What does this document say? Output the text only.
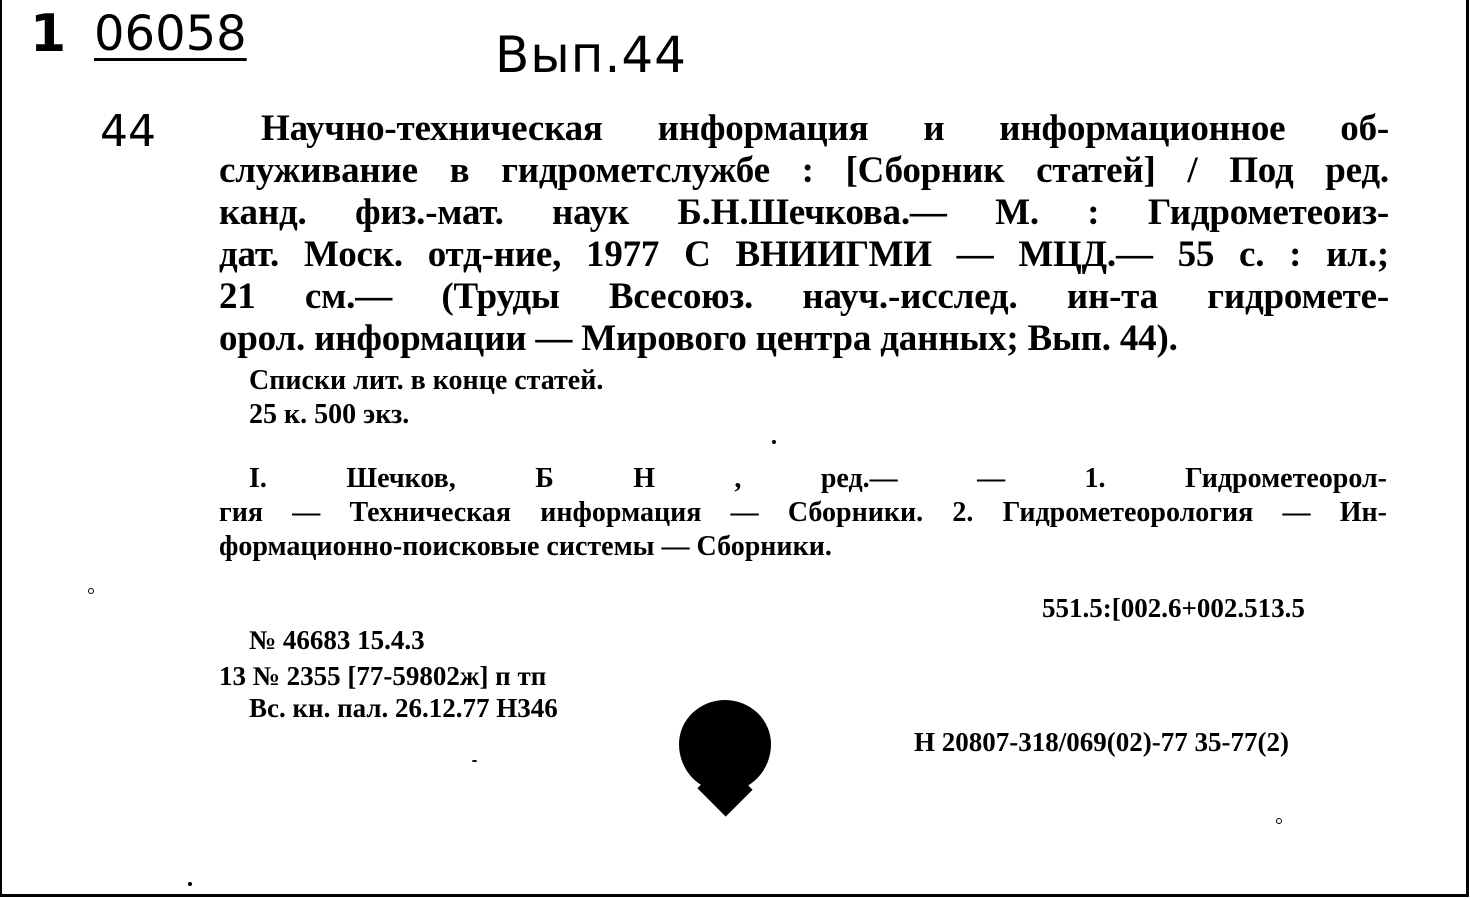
1 06058	Вып.44
44	Научно-техническая информация и информационное об-
служивание в гидрометслужбе : [Сборник статей] / Под ред.
канд. физ.-мат. наук Б.Н.Шечкова.— М. : Гидрометеоиз-
дат. Моск. отд-ние, 1977 С ВНИИГМИ — МЦД.— 55 с. : ил.;
21 см.— (Труды Всесоюз. науч.-исслед. ин-та гидромете-
орол. информации — Мирового центра данных; Вып. 44).
Списки лит. в конце статей.
25 к. 500 экз.
I. Шечков, Б Н , ред.— — 1. Гидрометеорол-
гия — Техническая информация — Сборники. 2. Гидрометеорология — Ин-
формационно-поисковые системы — Сборники.
551.5:[002.6+002.513.5
№ 46683 15.4.3
13 № 2355 [77-59802ж] п тп
Вс. кн. пал. 26.12.77 Н346
Н 20807-318/069(02)-77 35-77(2)
